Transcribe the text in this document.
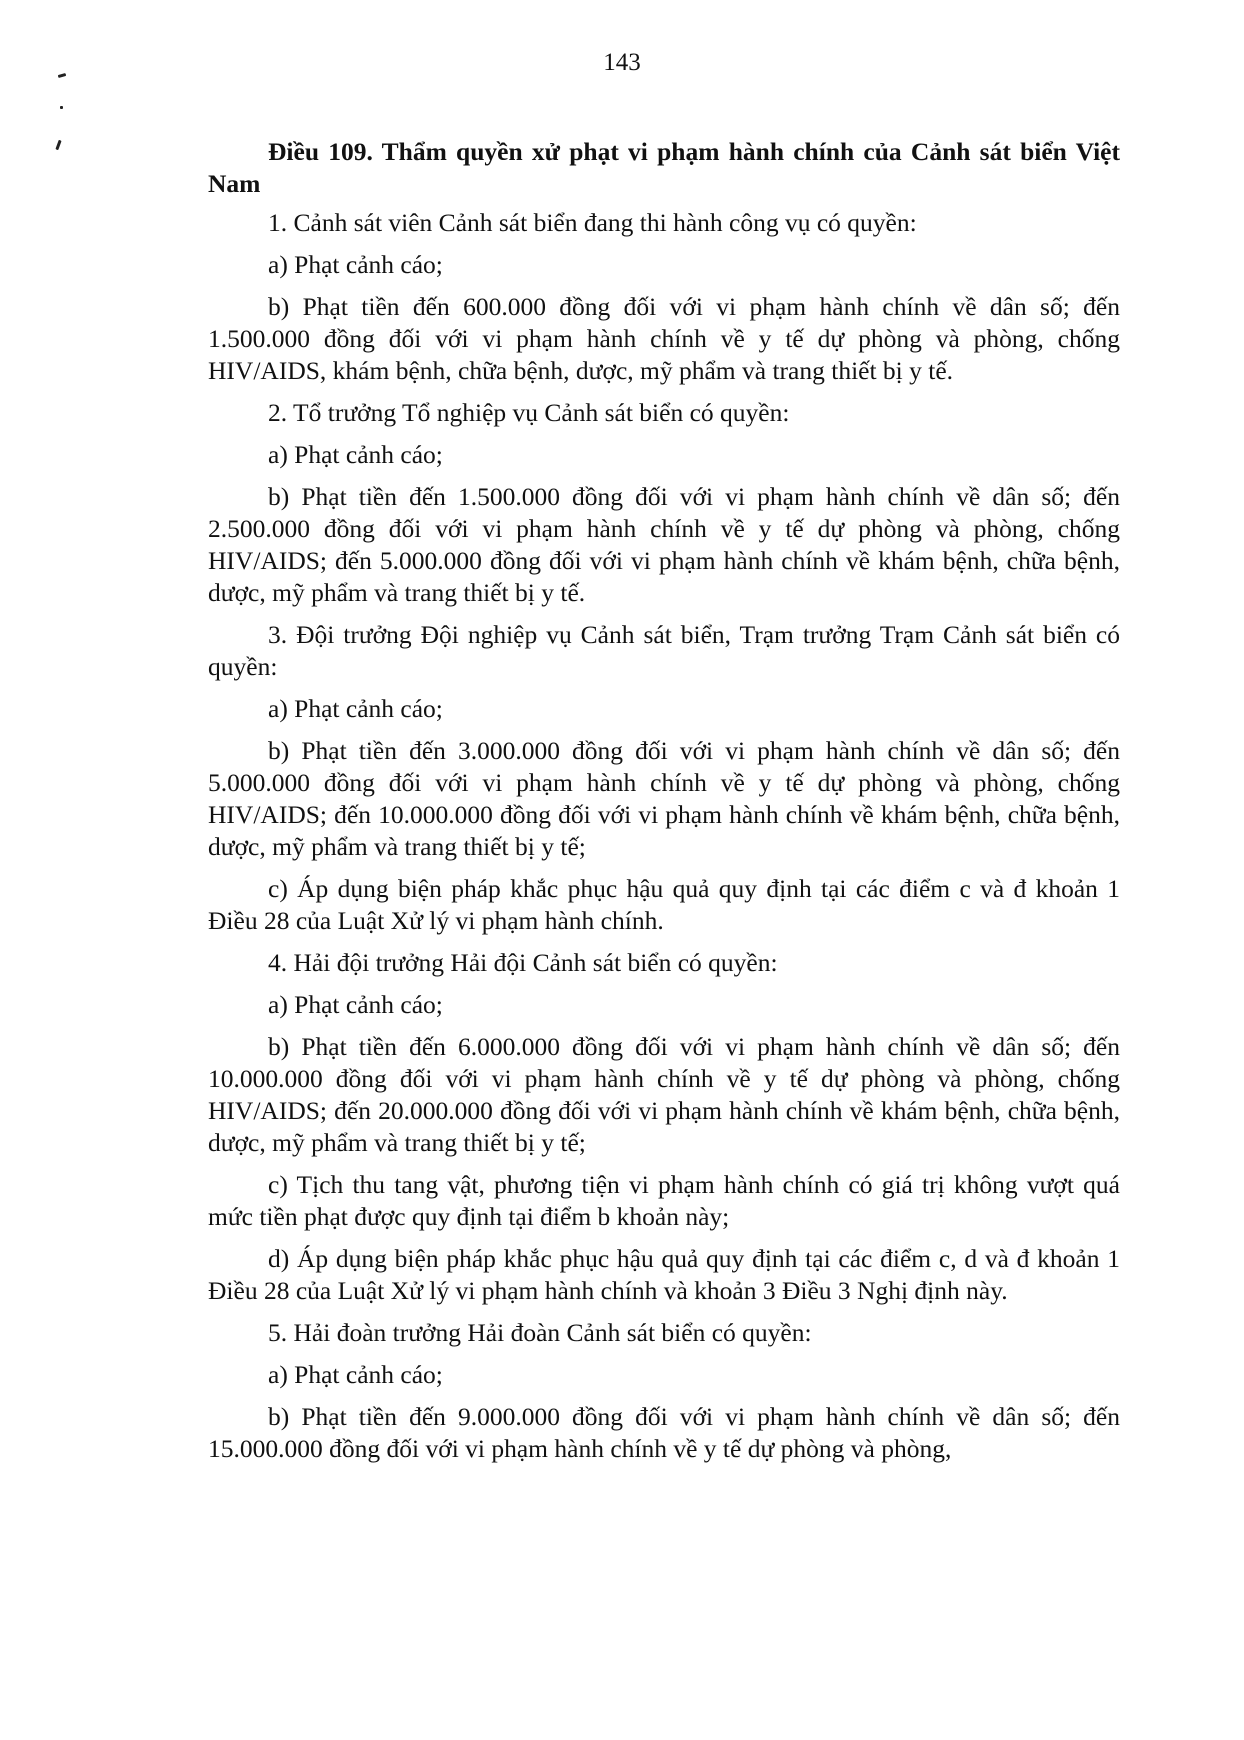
143

Điều 109. Thẩm quyền xử phạt vi phạm hành chính của Cảnh sát biển Việt Nam

1. Cảnh sát viên Cảnh sát biển đang thi hành công vụ có quyền:

a) Phạt cảnh cáo;

b) Phạt tiền đến 600.000 đồng đối với vi phạm hành chính về dân số; đến 1.500.000 đồng đối với vi phạm hành chính về y tế dự phòng và phòng, chống HIV/AIDS, khám bệnh, chữa bệnh, dược, mỹ phẩm và trang thiết bị y tế.

2. Tổ trưởng Tổ nghiệp vụ Cảnh sát biển có quyền:

a) Phạt cảnh cáo;

b) Phạt tiền đến 1.500.000 đồng đối với vi phạm hành chính về dân số; đến 2.500.000 đồng đối với vi phạm hành chính về y tế dự phòng và phòng, chống HIV/AIDS; đến 5.000.000 đồng đối với vi phạm hành chính về khám bệnh, chữa bệnh, dược, mỹ phẩm và trang thiết bị y tế.

3. Đội trưởng Đội nghiệp vụ Cảnh sát biển, Trạm trưởng Trạm Cảnh sát biển có quyền:

a) Phạt cảnh cáo;

b) Phạt tiền đến 3.000.000 đồng đối với vi phạm hành chính về dân số; đến 5.000.000 đồng đối với vi phạm hành chính về y tế dự phòng và phòng, chống HIV/AIDS; đến 10.000.000 đồng đối với vi phạm hành chính về khám bệnh, chữa bệnh, dược, mỹ phẩm và trang thiết bị y tế;

c) Áp dụng biện pháp khắc phục hậu quả quy định tại các điểm c và đ khoản 1 Điều 28 của Luật Xử lý vi phạm hành chính.

4. Hải đội trưởng Hải đội Cảnh sát biển có quyền:

a) Phạt cảnh cáo;

b) Phạt tiền đến 6.000.000 đồng đối với vi phạm hành chính về dân số; đến 10.000.000 đồng đối với vi phạm hành chính về y tế dự phòng và phòng, chống HIV/AIDS; đến 20.000.000 đồng đối với vi phạm hành chính về khám bệnh, chữa bệnh, dược, mỹ phẩm và trang thiết bị y tế;

c) Tịch thu tang vật, phương tiện vi phạm hành chính có giá trị không vượt quá mức tiền phạt được quy định tại điểm b khoản này;

d) Áp dụng biện pháp khắc phục hậu quả quy định tại các điểm c, d và đ khoản 1 Điều 28 của Luật Xử lý vi phạm hành chính và khoản 3 Điều 3 Nghị định này.

5. Hải đoàn trưởng Hải đoàn Cảnh sát biển có quyền:

a) Phạt cảnh cáo;

b) Phạt tiền đến 9.000.000 đồng đối với vi phạm hành chính về dân số; đến 15.000.000 đồng đối với vi phạm hành chính về y tế dự phòng và phòng,
